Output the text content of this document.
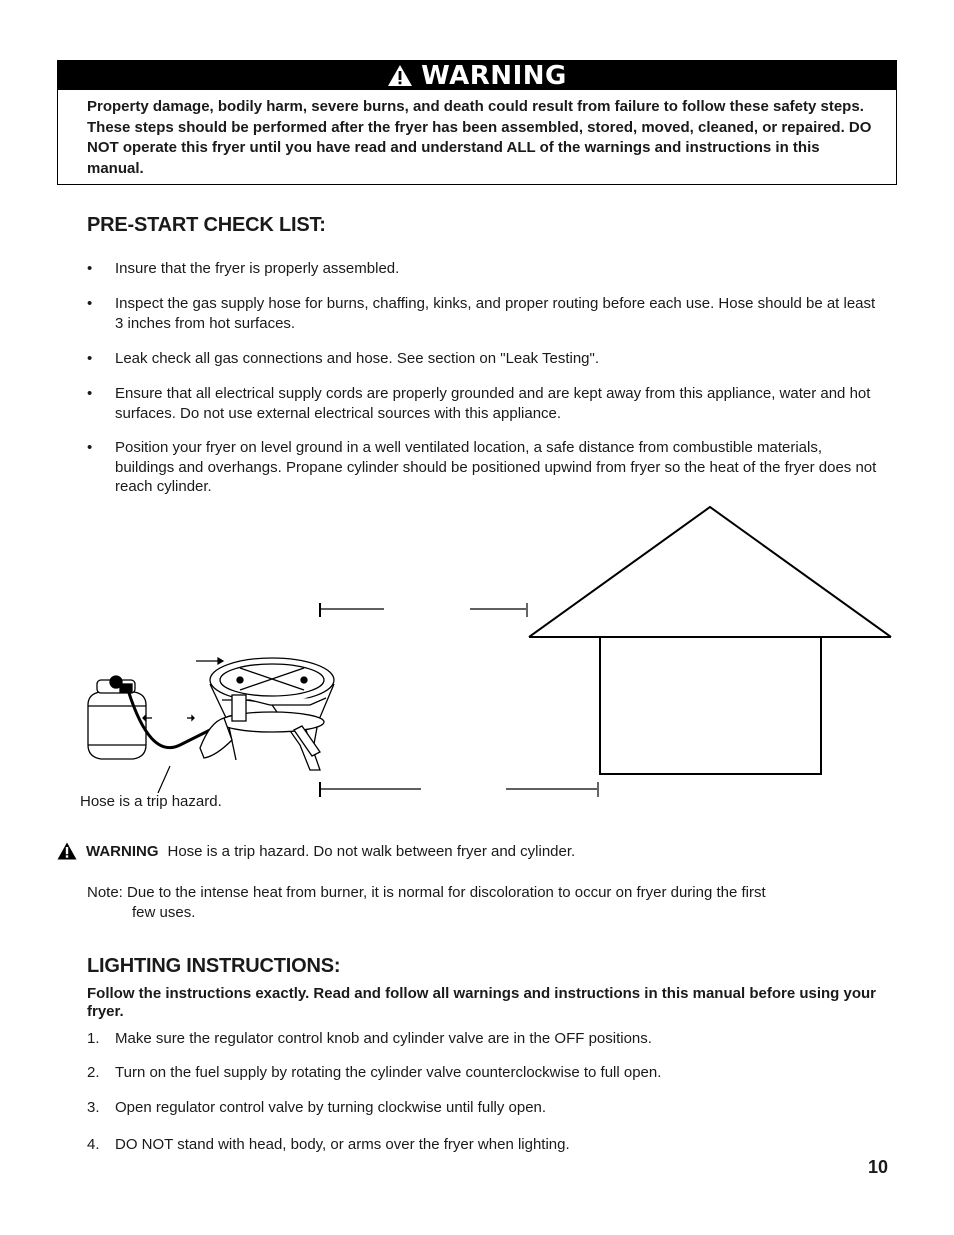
WARNING
Property damage, bodily harm, severe burns, and death could result from failure to follow these safety steps. These steps should be performed after the fryer has been assembled, stored, moved, cleaned, or repaired. DO NOT operate this fryer until you have read and understand ALL of the warnings and instructions in this manual.
PRE-START CHECK LIST:
• Insure that the fryer is properly assembled.
• Inspect the gas supply hose for burns, chaffing, kinks, and proper routing before each use. Hose should be at least 3 inches from hot surfaces.
• Leak check all gas connections and hose. See section on "Leak Testing".
• Ensure that all electrical supply cords are properly grounded and are kept away from this appliance, water and hot surfaces. Do not use external electrical sources with this appliance.
• Position your fryer on level ground in a well ventilated location, a safe distance from combustible materials, buildings and overhangs. Propane cylinder should be positioned upwind from fryer so the heat of the fryer does not reach cylinder.
Hose is a trip hazard.
WARNING Hose is a trip hazard. Do not walk between fryer and cylinder.
Note: Due to the intense heat from burner, it is normal for discoloration to occur on fryer during the first
few uses.
LIGHTING INSTRUCTIONS:
Follow the instructions exactly. Read and follow all warnings and instructions in this manual before using your fryer.
1. Make sure the regulator control knob and cylinder valve are in the OFF positions.
2. Turn on the fuel supply by rotating the cylinder valve counterclockwise to full open.
3. Open regulator control valve by turning clockwise until fully open.
4. DO NOT stand with head, body, or arms over the fryer when lighting.
10
